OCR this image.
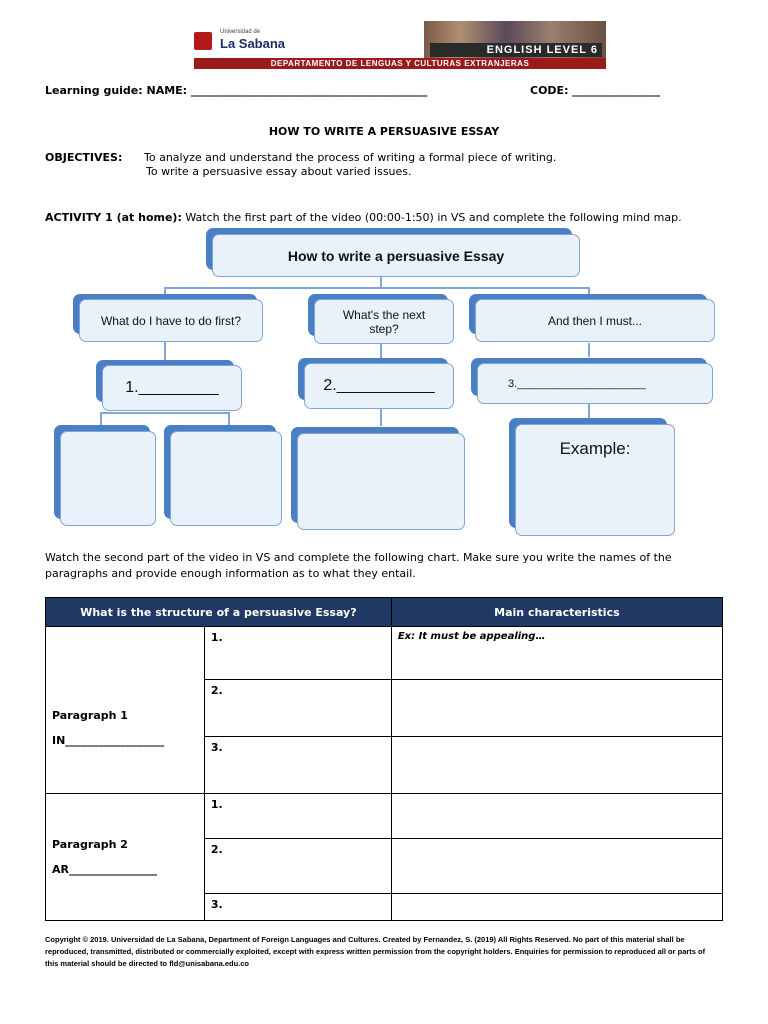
Universidad de
La Sabana	ENGLISH LEVEL 6
DEPARTAMENTO DE LENGUAS Y CULTURAS EXTRANJERAS
Learning guide: NAME: ___________________________________________	CODE: ________________
HOW TO WRITE A PERSUASIVE ESSAY
OBJECTIVES: To analyze and understand the process of writing a formal piece of writing.
To write a persuasive essay about varied issues.
ACTIVITY 1 (at home): Watch the first part of the video (00:00-1:50) in VS and complete the following mind map.
How to write a persuasive Essay
What do I have to do first?	What's the next step?
And then I must...
1._________	2.___________	3._____________________
Example:
Watch the second part of the video in VS and complete the following chart. Make sure you write the names of the paragraphs and provide enough information as to what they entail.
What is the structure of a persuasive Essay?		Main characteristics

Paragraph 1
IN__________________	1.	Ex: It must be appealing…
	2.	
	3.	

Paragraph 2
AR________________	1.	
	2.	
	3.	
Copyright © 2019. Universidad de La Sabana, Department of Foreign Languages and Cultures. Created by Fernandez, S. (2019) All Rights Reserved. No part of this material shall be reproduced, transmitted, distributed or commercially exploited, except with express written permission from the copyright holders. Enquiries for permission to reproduced all or parts of this material should be directed to fld@unisabana.edu.co
